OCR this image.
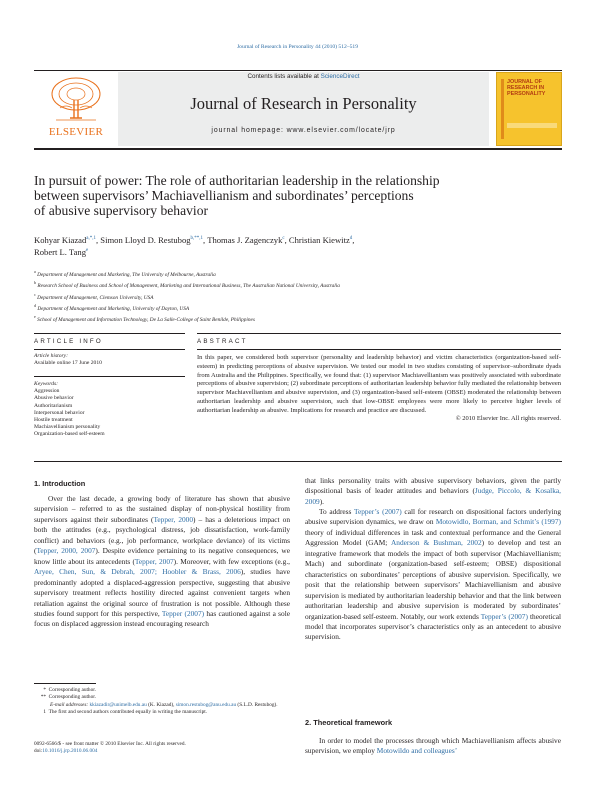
Journal of Research in Personality 44 (2010) 512–519
ELSEVIER
Contents lists available at ScienceDirect
Journal of Research in Personality
journal homepage: www.elsevier.com/locate/jrp
JOURNAL OF RESEARCH IN PERSONALITY
In pursuit of power: The role of authoritarian leadership in the relationship
between supervisors’ Machiavellianism and subordinates’ perceptions
of abusive supervisory behavior
Kohyar Kiazad$^{a,*,1}$, Simon Lloyd D. Restubog$^{b,**,1}$, Thomas J. Zagenczyk$^c$, Christian Kiewitz$^d$,
Robert L. Tang$^e$
$^a$ Department of Management and Marketing, The University of Melbourne, Australia
$^b$ Research School of Business and School of Management, Marketing and International Business, The Australian National University, Australia
$^c$ Department of Management, Clemson University, USA
$^d$ Department of Management and Marketing, University of Dayton, USA
$^e$ School of Management and Information Technology, De La Salle-College of Saint Benilde, Philippines
ARTICLE INFO
Article history:
Available online 17 June 2010
Keywords:
Aggression
Abusive behavior
Authoritarianism
Interpersonal behavior
Hostile treatment
Machiavellianism personality
Organization-based self-esteem
ABSTRACT
In this paper, we considered both supervisor (personality and leadership behavior) and victim characteristics (organization-based self-esteem) in predicting perceptions of abusive supervision. We tested our model in two studies consisting of supervisor–subordinate dyads from Australia and the Philippines. Specifically, we found that: (1) supervisor Machiavellianism was positively associated with subordinate perceptions of abusive supervision; (2) subordinate perceptions of authoritarian leadership behavior fully mediated the relationship between supervisor Machiavellianism and abusive supervision, and (3) organization-based self-esteem (OBSE) moderated the relationship between authoritarian leadership and abusive supervision, such that low-OBSE employees were more likely to perceive higher levels of authoritarian leadership as abusive. Implications for research and practice are discussed.
© 2010 Elsevier Inc. All rights reserved.
1. Introduction
Over the last decade, a growing body of literature has shown that abusive supervision – referred to as the sustained display of non-physical hostility from supervisors against their subordinates (Tepper, 2000) – has a deleterious impact on both the attitudes (e.g., psychological distress, job dissatisfaction, work-family conflict) and behaviors (e.g., job performance, workplace deviance) of its victims (Tepper, 2000, 2007). Despite evidence pertaining to its negative consequences, we know little about its antecedents (Tepper, 2007). Moreover, with few exceptions (e.g., Aryee, Chen, Sun, & Debrah, 2007; Hoobler & Brass, 2006), studies have predominantly adopted a displaced-aggression perspective, suggesting that abusive supervisory treatment reflects hostility directed against convenient targets when retaliation against the original source of frustration is not possible. Although these studies found support for this perspective, Tepper (2007) has cautioned against a sole focus on displaced aggression instead encouraging research
* Corresponding author.
** Corresponding author.
E-mail addresses: kkiazadir@unimelb.edu.au (K. Kiazad), simon.restubog@anu.edu.au (S.L.D. Restubog).
1 The first and second authors contributed equally in writing the manuscript.
0092-6566/$ - see front matter © 2010 Elsevier Inc. All rights reserved.
doi:10.1016/j.jrp.2010.06.004
that links personality traits with abusive supervisory behaviors, given the partly dispositional basis of leader attitudes and behaviors (Judge, Piccolo, & Kosalka, 2009).
To address Tepper’s (2007) call for research on dispositional factors underlying abusive supervision dynamics, we draw on Motowidlo, Borman, and Schmit’s (1997) theory of individual differences in task and contextual performance and the General Aggression Model (GAM; Anderson & Bushman, 2002) to develop and test an integrative framework that models the impact of both supervisor (Machiavellianism; Mach) and subordinate (organization-based self-esteem; OBSE) dispositional characteristics on subordinates’ perceptions of abusive supervision. Specifically, we posit that the relationship between supervisors’ Machiavellianism and abusive supervision is mediated by authoritarian leadership behavior and that the link between authoritarian leadership and abusive supervision is moderated by subordinates’ organization-based self-esteem. Notably, our work extends Tepper’s (2007) theoretical model that incorporates supervisor’s characteristics only as an antecedent to abusive supervision.
2. Theoretical framework
In order to model the processes through which Machiavellianism affects abusive supervision, we employ Motowildo and colleagues’
